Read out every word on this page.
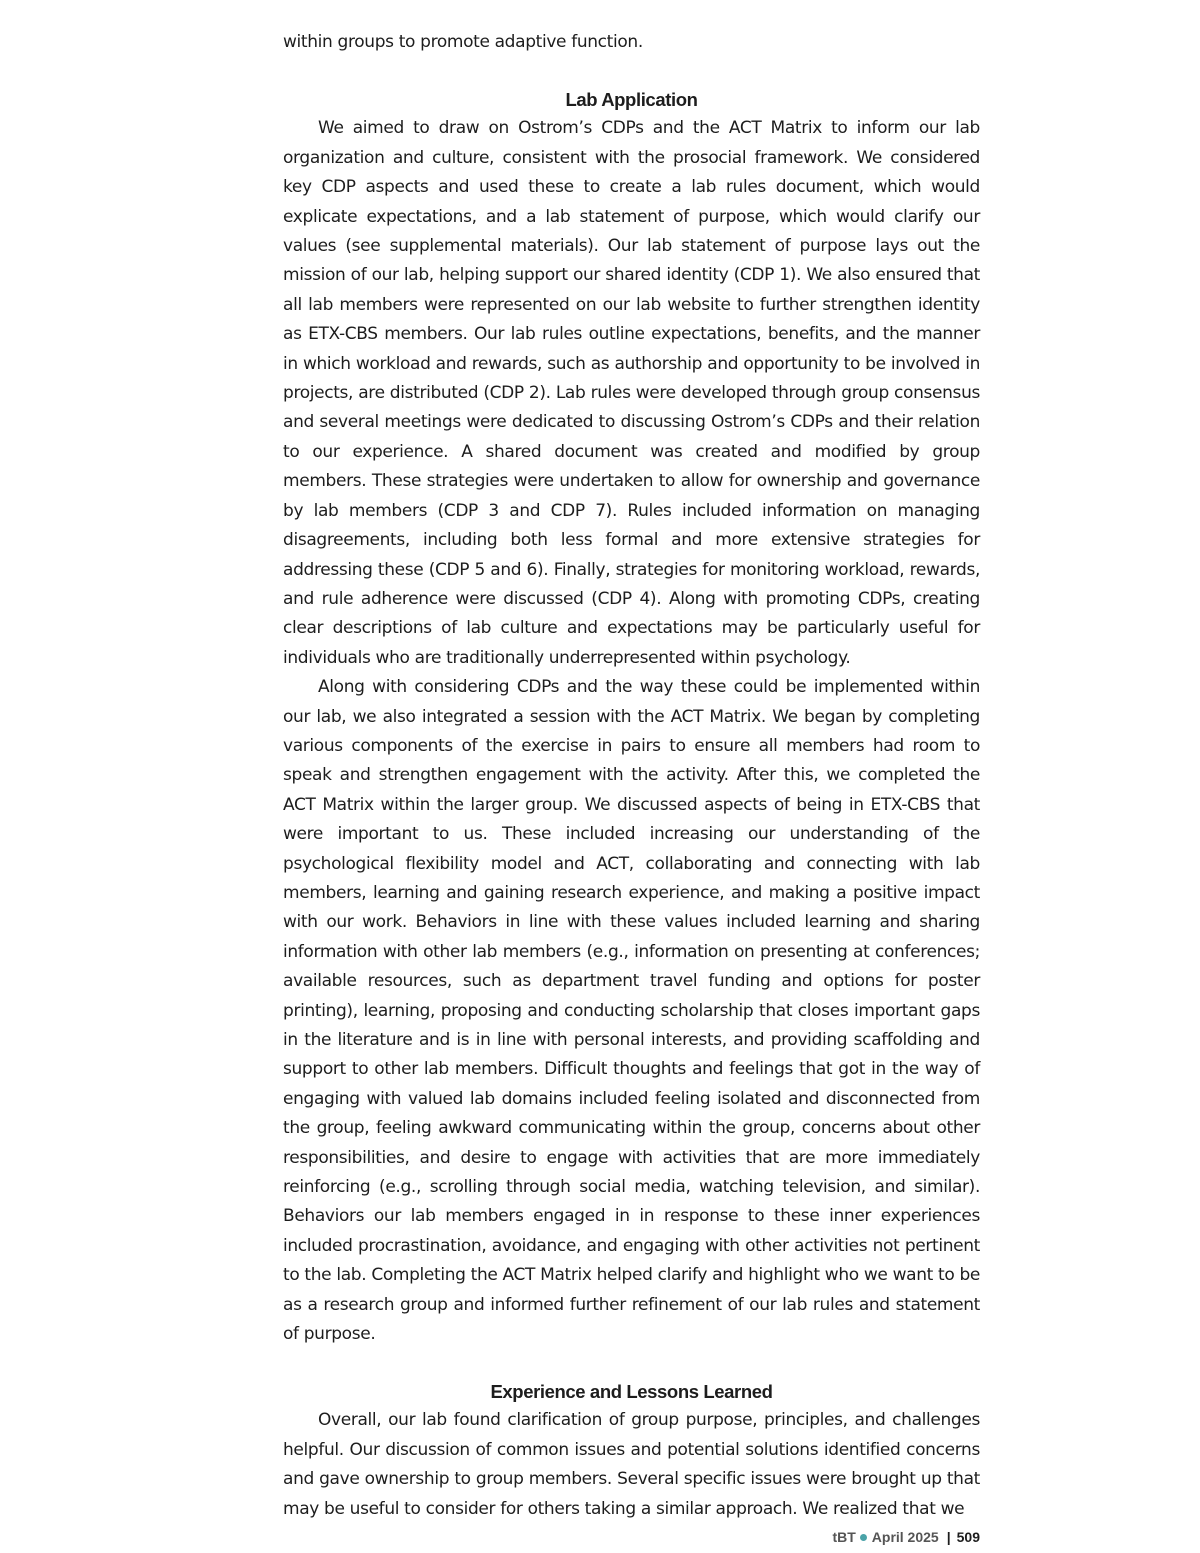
within groups to promote adaptive function.

Lab Application

We aimed to draw on Ostrom’s CDPs and the ACT Matrix to inform our lab organization and culture, consistent with the prosocial framework. We considered key CDP aspects and used these to create a lab rules document, which would explicate expectations, and a lab statement of purpose, which would clarify our values (see supplemental materials). Our lab statement of purpose lays out the mission of our lab, helping support our shared identity (CDP 1). We also ensured that all lab members were represented on our lab website to further strengthen identity as ETX-CBS members. Our lab rules outline expectations, benefits, and the manner in which workload and rewards, such as authorship and opportunity to be involved in projects, are distributed (CDP 2). Lab rules were developed through group consensus and several meetings were dedicated to discussing Ostrom’s CDPs and their relation to our experience. A shared document was created and modified by group members. These strategies were undertaken to allow for ownership and governance by lab members (CDP 3 and CDP 7). Rules included information on managing disagreements, including both less formal and more extensive strategies for addressing these (CDP 5 and 6). Finally, strategies for monitoring workload, rewards, and rule adherence were discussed (CDP 4). Along with promoting CDPs, creating clear descriptions of lab culture and expectations may be particularly useful for individuals who are traditionally underrepresented within psychology.

Along with considering CDPs and the way these could be implemented within our lab, we also integrated a session with the ACT Matrix. We began by completing various components of the exercise in pairs to ensure all members had room to speak and strengthen engagement with the activity. After this, we completed the ACT Matrix within the larger group. We discussed aspects of being in ETX-CBS that were important to us. These included increasing our understanding of the psychological flexibility model and ACT, collaborating and connecting with lab members, learning and gaining research experience, and making a positive impact with our work. Behaviors in line with these values included learning and sharing information with other lab members (e.g., information on presenting at conferences; available resources, such as department travel funding and options for poster printing), learning, proposing and conducting scholarship that closes important gaps in the literature and is in line with personal interests, and providing scaffolding and support to other lab members. Difficult thoughts and feelings that got in the way of engaging with valued lab domains included feeling isolated and disconnected from the group, feeling awkward communicating within the group, concerns about other responsibilities, and desire to engage with activities that are more immediately reinforcing (e.g., scrolling through social media, watching television, and similar). Behaviors our lab members engaged in in response to these inner experiences included procrastination, avoidance, and engaging with other activities not pertinent to the lab. Completing the ACT Matrix helped clarify and highlight who we want to be as a research group and informed further refinement of our lab rules and statement of purpose.

Experience and Lessons Learned

Overall, our lab found clarification of group purpose, principles, and challenges helpful. Our discussion of common issues and potential solutions identified concerns and gave ownership to group members. Several specific issues were brought up that may be useful to consider for others taking a similar approach. We realized that we

tBT April 2025 | 509
